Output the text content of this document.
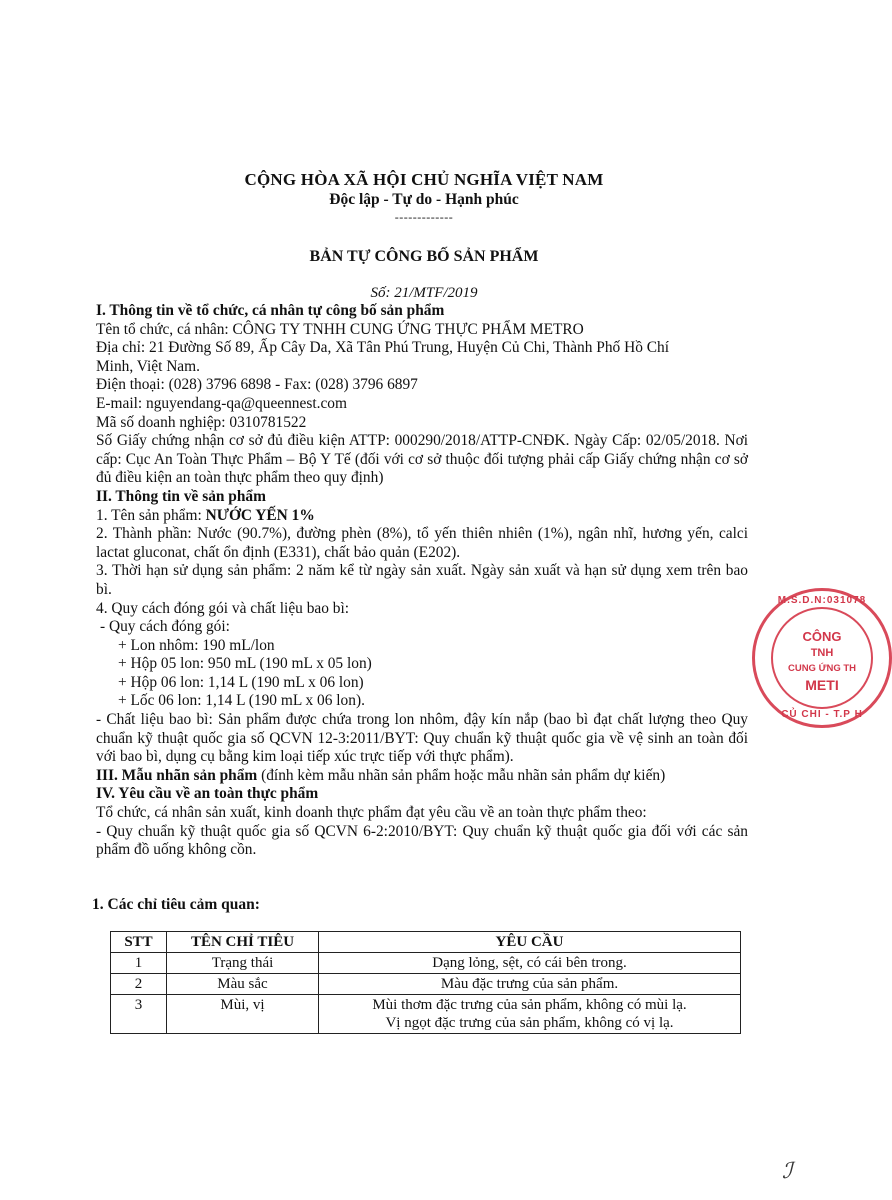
CỘNG HÒA XÃ HỘI CHỦ NGHĨA VIỆT NAM
Độc lập - Tự do - Hạnh phúc
-------------
BẢN TỰ CÔNG BỐ SẢN PHẨM
Số: 21/MTF/2019
I. Thông tin về tổ chức, cá nhân tự công bố sản phẩm
Tên tổ chức, cá nhân: CÔNG TY TNHH CUNG ỨNG THỰC PHẨM METRO
Địa chỉ: 21 Đường Số 89, Ấp Cây Da, Xã Tân Phú Trung, Huyện Củ Chi, Thành Phố Hồ Chí
Minh, Việt Nam.
Điện thoại: (028) 3796 6898 - Fax: (028) 3796 6897
E-mail: nguyendang-qa@queennest.com
Mã số doanh nghiệp: 0310781522
Số Giấy chứng nhận cơ sở đủ điều kiện ATTP: 000290/2018/ATTP-CNĐK. Ngày Cấp: 02/05/2018. Nơi cấp: Cục An Toàn Thực Phẩm – Bộ Y Tế (đối với cơ sở thuộc đối tượng phải cấp Giấy chứng nhận cơ sở đủ điều kiện an toàn thực phẩm theo quy định)
II. Thông tin về sản phẩm
1. Tên sản phẩm: NƯỚC YẾN 1%
2. Thành phần: Nước (90.7%), đường phèn (8%), tổ yến thiên nhiên (1%), ngân nhĩ, hương yến, calci lactat gluconat, chất ổn định (E331), chất bảo quản (E202).
3. Thời hạn sử dụng sản phẩm: 2 năm kể từ ngày sản xuất. Ngày sản xuất và hạn sử dụng xem trên bao bì.
4. Quy cách đóng gói và chất liệu bao bì:
- Quy cách đóng gói:
+ Lon nhôm: 190 mL/lon
+ Hộp 05 lon: 950 mL (190 mL x 05 lon)
+ Hộp 06 lon: 1,14 L (190 mL x 06 lon)
+ Lốc 06 lon: 1,14 L (190 mL x 06 lon).
- Chất liệu bao bì: Sản phẩm được chứa trong lon nhôm, đậy kín nắp (bao bì đạt chất lượng theo Quy chuẩn kỹ thuật quốc gia số QCVN 12-3:2011/BYT: Quy chuẩn kỹ thuật quốc gia về vệ sinh an toàn đối với bao bì, dụng cụ bằng kim loại tiếp xúc trực tiếp với thực phẩm).
III. Mẫu nhãn sản phẩm (đính kèm mẫu nhãn sản phẩm hoặc mẫu nhãn sản phẩm dự kiến)
IV. Yêu cầu về an toàn thực phẩm
Tổ chức, cá nhân sản xuất, kinh doanh thực phẩm đạt yêu cầu về an toàn thực phẩm theo:
- Quy chuẩn kỹ thuật quốc gia số QCVN 6-2:2010/BYT: Quy chuẩn kỹ thuật quốc gia đối với các sản phẩm đồ uống không cồn.
1. Các chỉ tiêu cảm quan:
STT	TÊN CHỈ TIÊU	YÊU CẦU
1	Trạng thái	Dạng lỏng, sệt, có cái bên trong.
2	Màu sắc	Màu đặc trưng của sản phẩm.
3	Mùi, vị	Mùi thơm đặc trưng của sản phẩm, không có mùi lạ.
Vị ngọt đặc trưng của sản phẩm, không có vị lạ.
M.S.D.N:031078
CÔNG
TNH
CUNG ỨNG TH
METI
CỦ CHI - T.P H
ℐ
